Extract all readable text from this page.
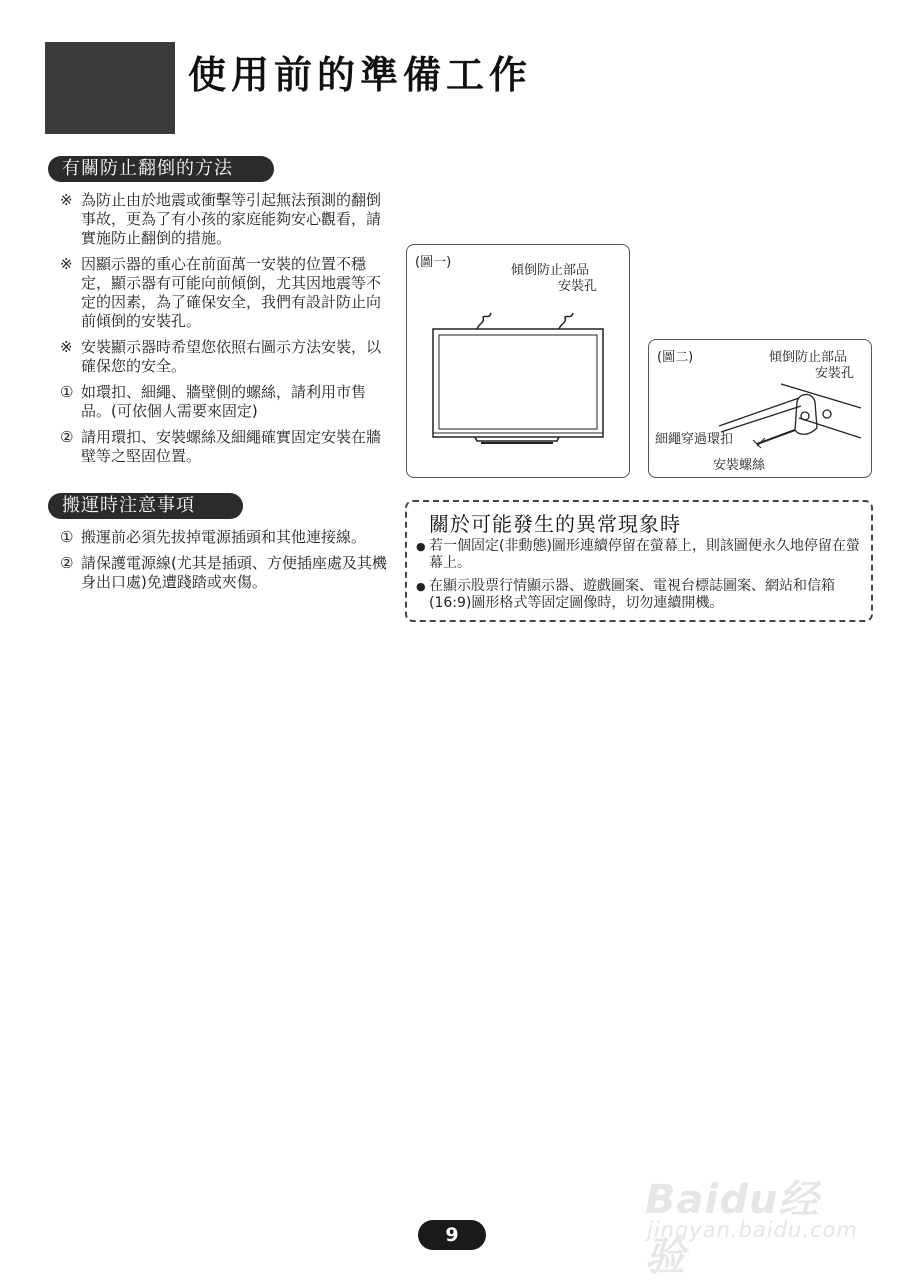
使用前的準備工作
有關防止翻倒的方法
※ 為防止由於地震或衝擊等引起無法預測的翻倒事故，更為了有小孩的家庭能夠安心觀看，請實施防止翻倒的措施。
※ 因顯示器的重心在前面萬一安裝的位置不穩定，顯示器有可能向前傾倒，尤其因地震等不定的因素，為了確保安全，我們有設計防止向前傾倒的安裝孔。
※ 安裝顯示器時希望您依照右圖示方法安裝，以確保您的安全。
① 如環扣、細繩、牆壁側的螺絲，請利用市售品。(可依個人需要來固定)
② 請用環扣、安裝螺絲及細繩確實固定安裝在牆壁等之堅固位置。
搬運時注意事項
① 搬運前必須先拔掉電源插頭和其他連接線。
② 請保護電源線(尤其是插頭、方便插座處及其機身出口處)免遭踐踏或夾傷。
(圖一)
傾倒防止部品
安裝孔
(圖二)	傾倒防止部品
安裝孔
細繩穿過環扣
安裝螺絲
關於可能發生的異常現象時
● 若一個固定(非動態)圖形連續停留在螢幕上，則該圖便永久地停留在螢幕上。
● 在顯示股票行情顯示器、遊戲圖案、電視台標誌圖案、網站和信箱(16:9)圖形格式等固定圖像時，切勿連續開機。
Baidu经验
jingyan.baidu.com
9
